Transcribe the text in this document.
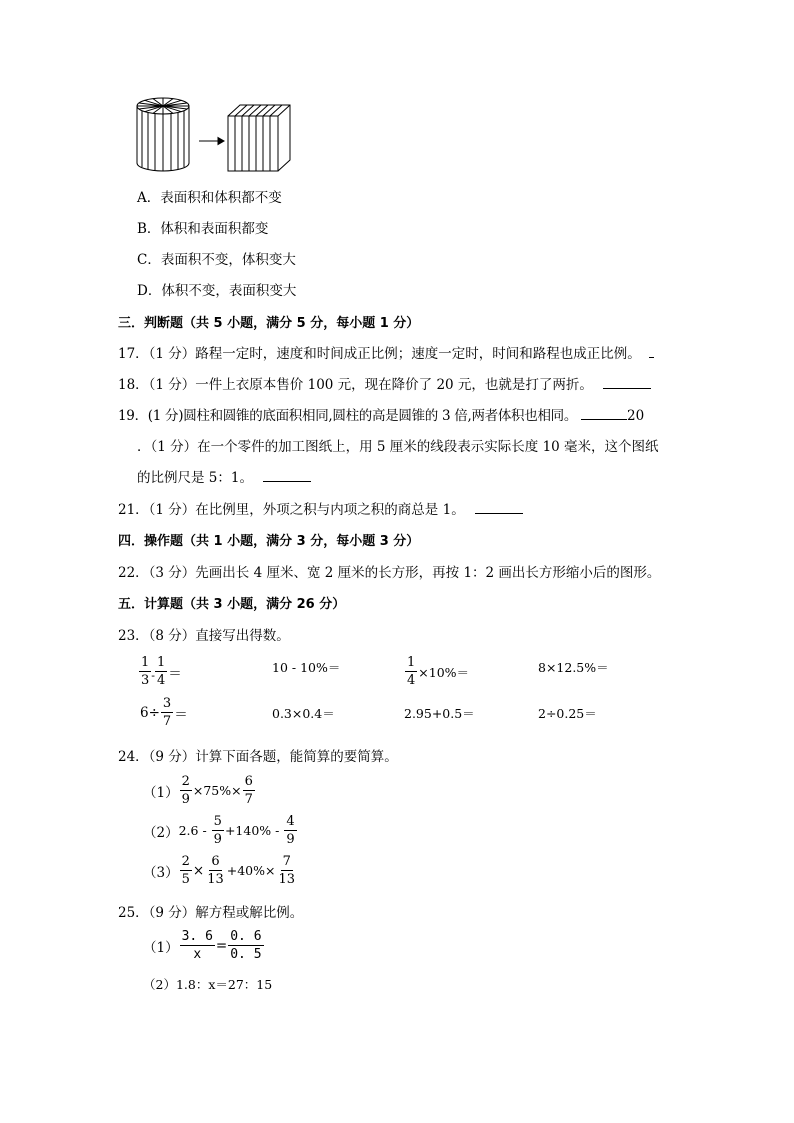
A．表面积和体积都不变
B．体积和表面积都变
C．表面积不变，体积变大
D．体积不变，表面积变大
三．判断题（共 5 小题，满分 5 分，每小题 1 分）
17．（1 分）路程一定时，速度和时间成正比例；速度一定时，时间和路程也成正比例。
18．（1 分）一件上衣原本售价 100 元，现在降价了 20 元，也就是打了两折。
19．(1 分)圆柱和圆锥的底面积相同,圆柱的高是圆锥的 3 倍,两者体积也相同。	20
．（1 分）在一个零件的加工图纸上，用 5 厘米的线段表示实际长度 10 毫米，这个图纸
的比例尺是 5：1。
21．（1 分）在比例里，外项之积与内项之积的商总是 1。
四．操作题（共 1 小题，满分 3 分，每小题 3 分）
22．（3 分）先画出长 4 厘米、宽 2 厘米的长方形，再按 1：2 画出长方形缩小后的图形。
五．计算题（共 3 小题，满分 26 分）
23．（8 分）直接写出得数。
$\frac{1}{3} - \frac{1}{4}$ ＝	10 - 10%＝	$\frac{1}{4} \times 10\%=$	8×12.5%＝
$6\div \frac{3}{7}$ ＝	0.3×0.4＝	2.95+0.5＝	2÷0.25＝
24．（9 分）计算下面各题，能简算的要简算。
$(1) \frac{2}{9} \times 75\%\times \frac{6}{7}$
（2） $2.6 - \frac{5}{9} +140\% - \frac{4}{9}$
$(3) \frac{2}{5} \times \frac{6}{13} +40\%\times \frac{7}{13}$
25．（9 分）解方程或解比例。
$(1) \frac{3. 6}{x} = \frac{0. 6}{0. 5}$
（2）1.8：x＝27：15
